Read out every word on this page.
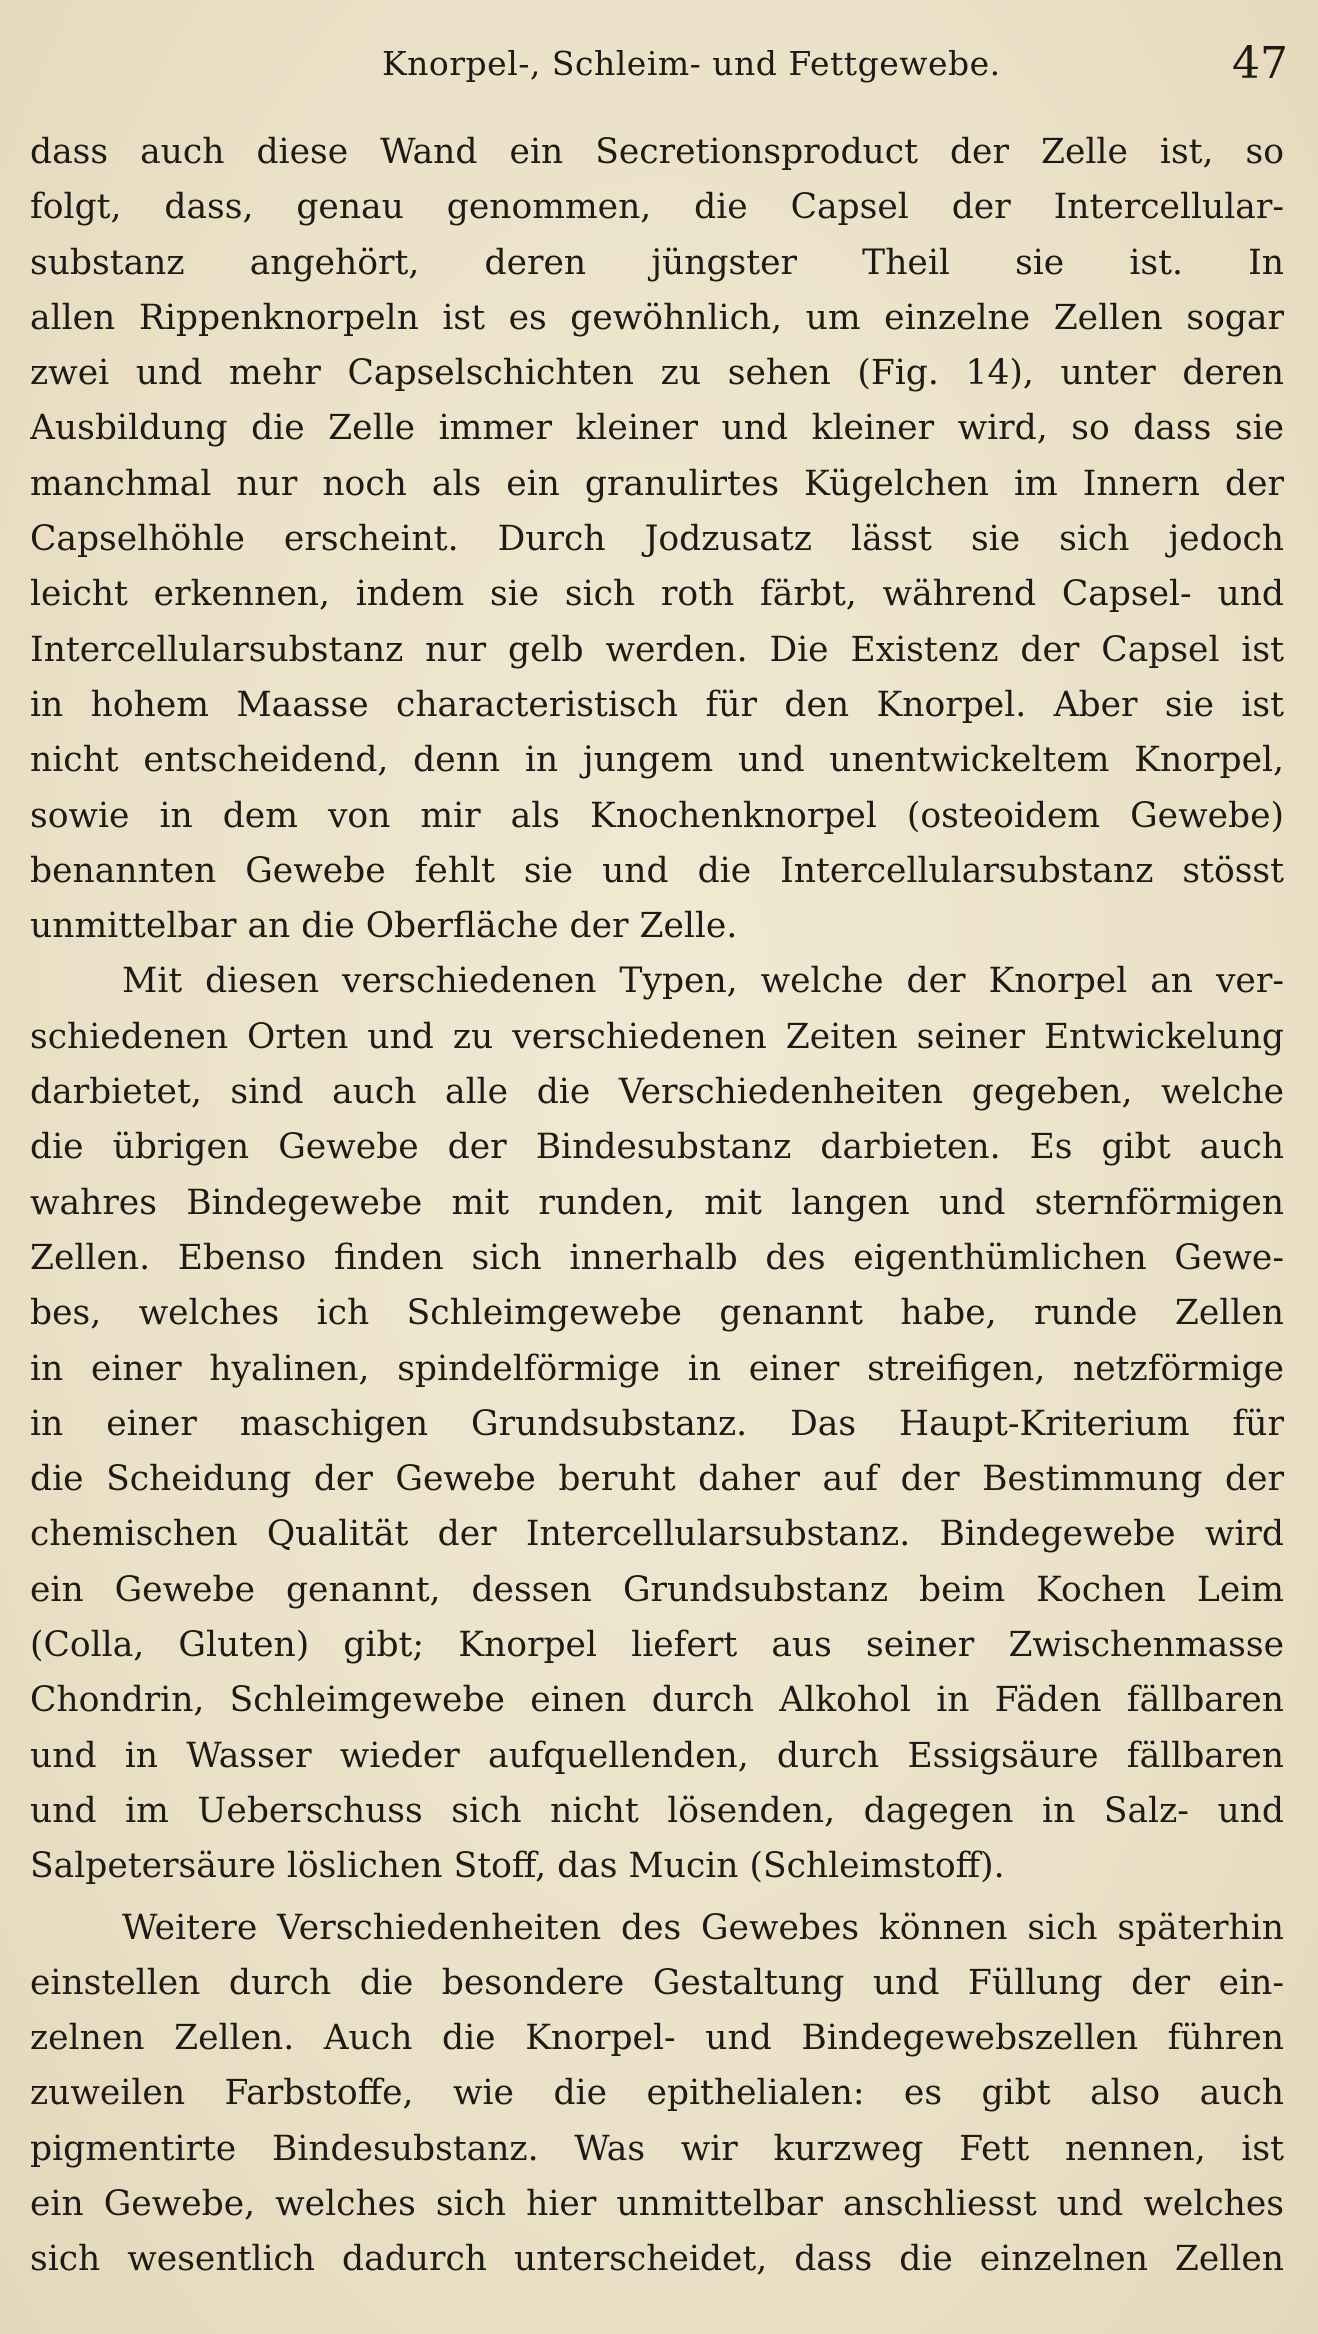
Knorpel-, Schleim- und Fettgewebe.	47
dass auch diese Wand ein Secretionsproduct der Zelle ist, so
folgt, dass, genau genommen, die Capsel der Intercellular-
substanz angehört, deren jüngster Theil sie ist. In
allen Rippenknorpeln ist es gewöhnlich, um einzelne Zellen sogar
zwei und mehr Capselschichten zu sehen (Fig. 14), unter deren
Ausbildung die Zelle immer kleiner und kleiner wird, so dass sie
manchmal nur noch als ein granulirtes Kügelchen im Innern der
Capselhöhle erscheint. Durch Jodzusatz lässt sie sich jedoch
leicht erkennen, indem sie sich roth färbt, während Capsel- und
Intercellularsubstanz nur gelb werden. Die Existenz der Capsel ist
in hohem Maasse characteristisch für den Knorpel. Aber sie ist
nicht entscheidend, denn in jungem und unentwickeltem Knorpel,
sowie in dem von mir als Knochenknorpel (osteoidem Gewebe)
benannten Gewebe fehlt sie und die Intercellularsubstanz stösst
unmittelbar an die Oberfläche der Zelle.
Mit diesen verschiedenen Typen, welche der Knorpel an ver-
schiedenen Orten und zu verschiedenen Zeiten seiner Entwickelung
darbietet, sind auch alle die Verschiedenheiten gegeben, welche
die übrigen Gewebe der Bindesubstanz darbieten. Es gibt auch
wahres Bindegewebe mit runden, mit langen und sternförmigen
Zellen. Ebenso finden sich innerhalb des eigenthümlichen Gewe-
bes, welches ich Schleimgewebe genannt habe, runde Zellen
in einer hyalinen, spindelförmige in einer streifigen, netzförmige
in einer maschigen Grundsubstanz. Das Haupt-Kriterium für
die Scheidung der Gewebe beruht daher auf der Bestimmung der
chemischen Qualität der Intercellularsubstanz. Bindegewebe wird
ein Gewebe genannt, dessen Grundsubstanz beim Kochen Leim
(Colla, Gluten) gibt; Knorpel liefert aus seiner Zwischenmasse
Chondrin, Schleimgewebe einen durch Alkohol in Fäden fällbaren
und in Wasser wieder aufquellenden, durch Essigsäure fällbaren
und im Ueberschuss sich nicht lösenden, dagegen in Salz- und
Salpetersäure löslichen Stoff, das Mucin (Schleimstoff).
Weitere Verschiedenheiten des Gewebes können sich späterhin
einstellen durch die besondere Gestaltung und Füllung der ein-
zelnen Zellen. Auch die Knorpel- und Bindegewebszellen führen
zuweilen Farbstoffe, wie die epithelialen: es gibt also auch
pigmentirte Bindesubstanz. Was wir kurzweg Fett nennen, ist
ein Gewebe, welches sich hier unmittelbar anschliesst und welches
sich wesentlich dadurch unterscheidet, dass die einzelnen Zellen
